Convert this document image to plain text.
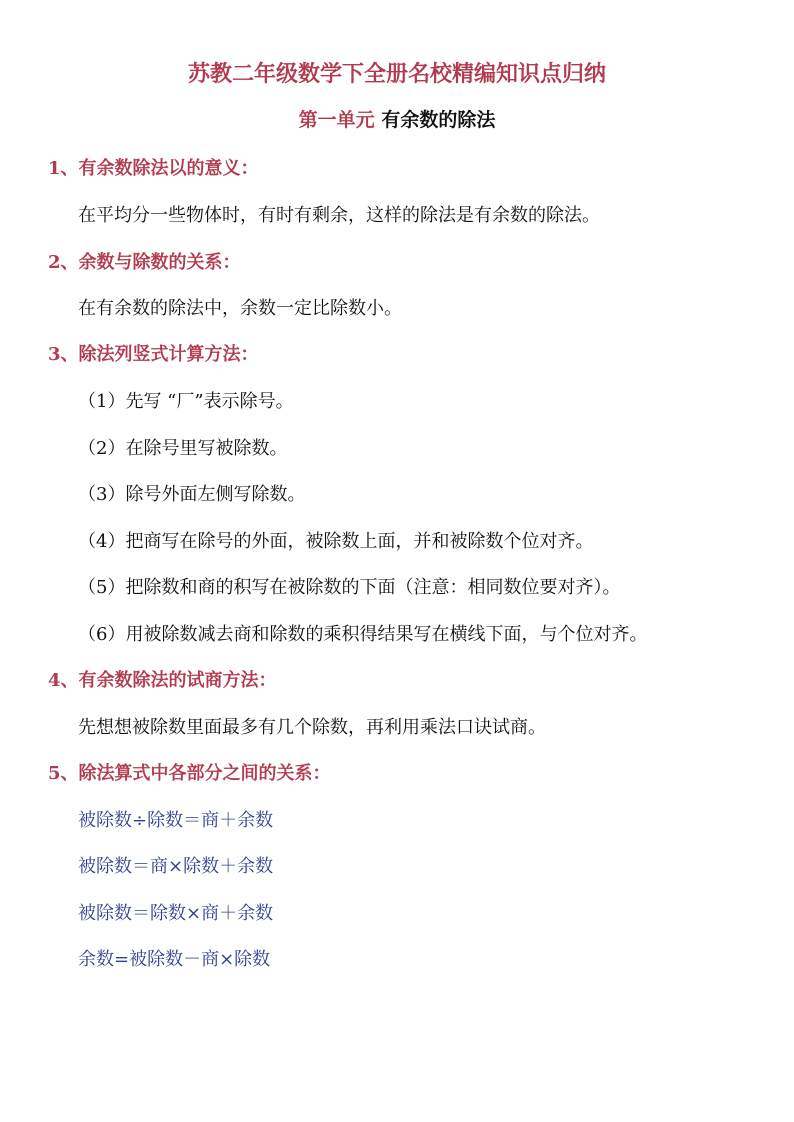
苏教二年级数学下全册名校精编知识点归纳
第一单元 有余数的除法
1、有余数除法以的意义：
在平均分一些物体时，有时有剩余，这样的除法是有余数的除法。
2、余数与除数的关系：
在有余数的除法中，余数一定比除数小。
3、除法列竖式计算方法：
（1）先写 “厂”表示除号。
（2）在除号里写被除数。
（3）除号外面左侧写除数。
（4）把商写在除号的外面，被除数上面，并和被除数个位对齐。
（5）把除数和商的积写在被除数的下面（注意：相同数位要对齐）。
（6）用被除数减去商和除数的乘积得结果写在横线下面，与个位对齐。
4、有余数除法的试商方法：
先想想被除数里面最多有几个除数，再利用乘法口诀试商。
5、除法算式中各部分之间的关系：
被除数÷除数＝商＋余数
被除数＝商×除数＋余数
被除数＝除数×商＋余数
余数=被除数－商×除数
